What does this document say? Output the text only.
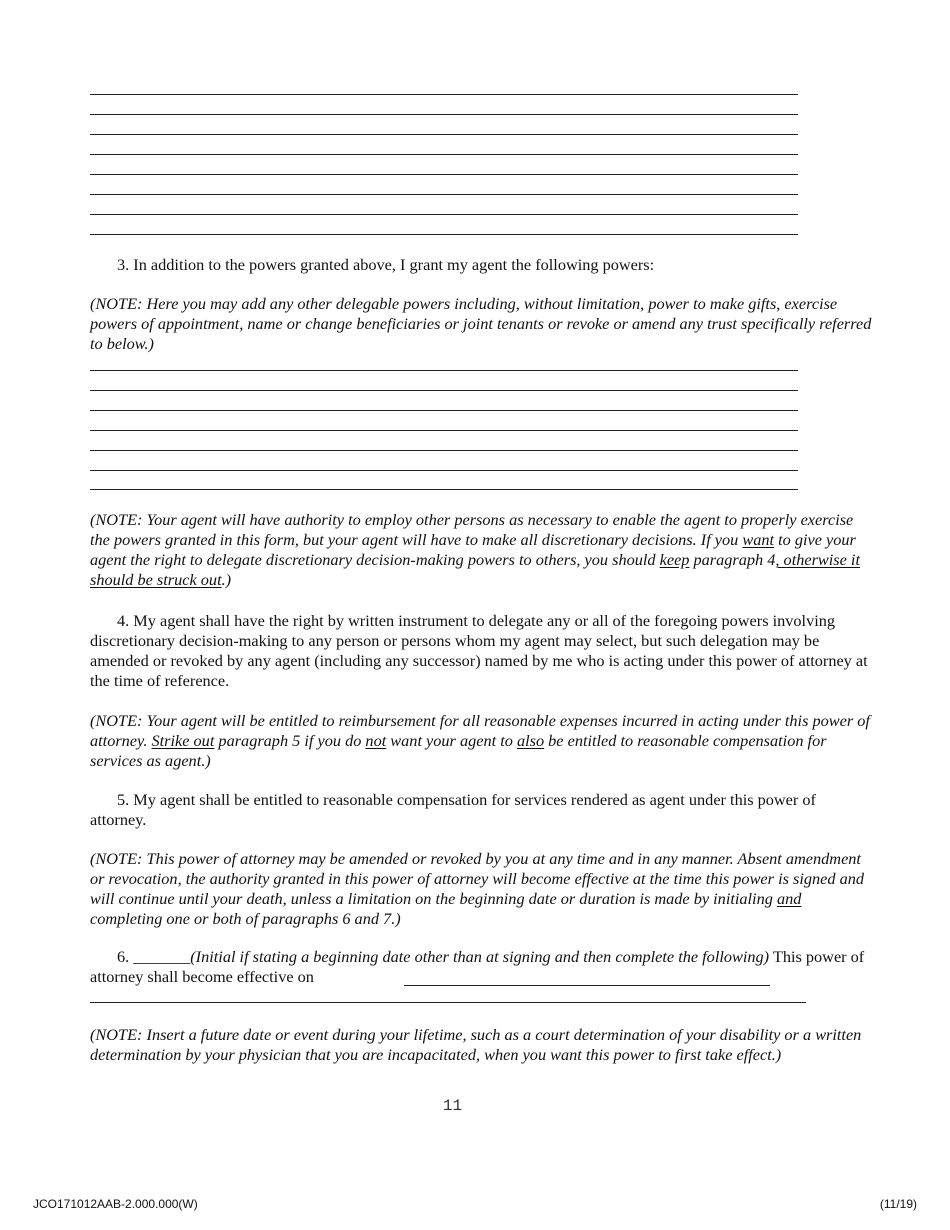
3. In addition to the powers granted above, I grant my agent the following powers:

(NOTE: Here you may add any other delegable powers including, without limitation, power to make gifts, exercise powers of appointment, name or change beneficiaries or joint tenants or revoke or amend any trust specifically referred to below.)

(NOTE: Your agent will have authority to employ other persons as necessary to enable the agent to properly exercise the powers granted in this form, but your agent will have to make all discretionary decisions. If you want to give your agent the right to delegate discretionary decision‐making powers to others, you should keep paragraph 4, otherwise it should be struck out.)

4. My agent shall have the right by written instrument to delegate any or all of the foregoing powers involving discretionary decision‐making to any person or persons whom my agent may select, but such delegation may be amended or revoked by any agent (including any successor) named by me who is acting under this power of attorney at the time of reference.

(NOTE: Your agent will be entitled to reimbursement for all reasonable expenses incurred in acting under this power of attorney. Strike out paragraph 5 if you do not want your agent to also be entitled to reasonable compensation for services as agent.)

5. My agent shall be entitled to reasonable compensation for services rendered as agent under this power of attorney.

(NOTE: This power of attorney may be amended or revoked by you at any time and in any manner. Absent amendment or revocation, the authority granted in this power of attorney will become effective at the time this power is signed and will continue until your death, unless a limitation on the beginning date or duration is made by initialing and completing one or both of paragraphs 6 and 7.)

6. _______(Initial if stating a beginning date other than at signing and then complete the following) This power of attorney shall become effective on

(NOTE: Insert a future date or event during your lifetime, such as a court determination of your disability or a written determination by your physician that you are incapacitated, when you want this power to first take effect.)

11
JCO171012AAB-2.000.000(W)	(11/19)
